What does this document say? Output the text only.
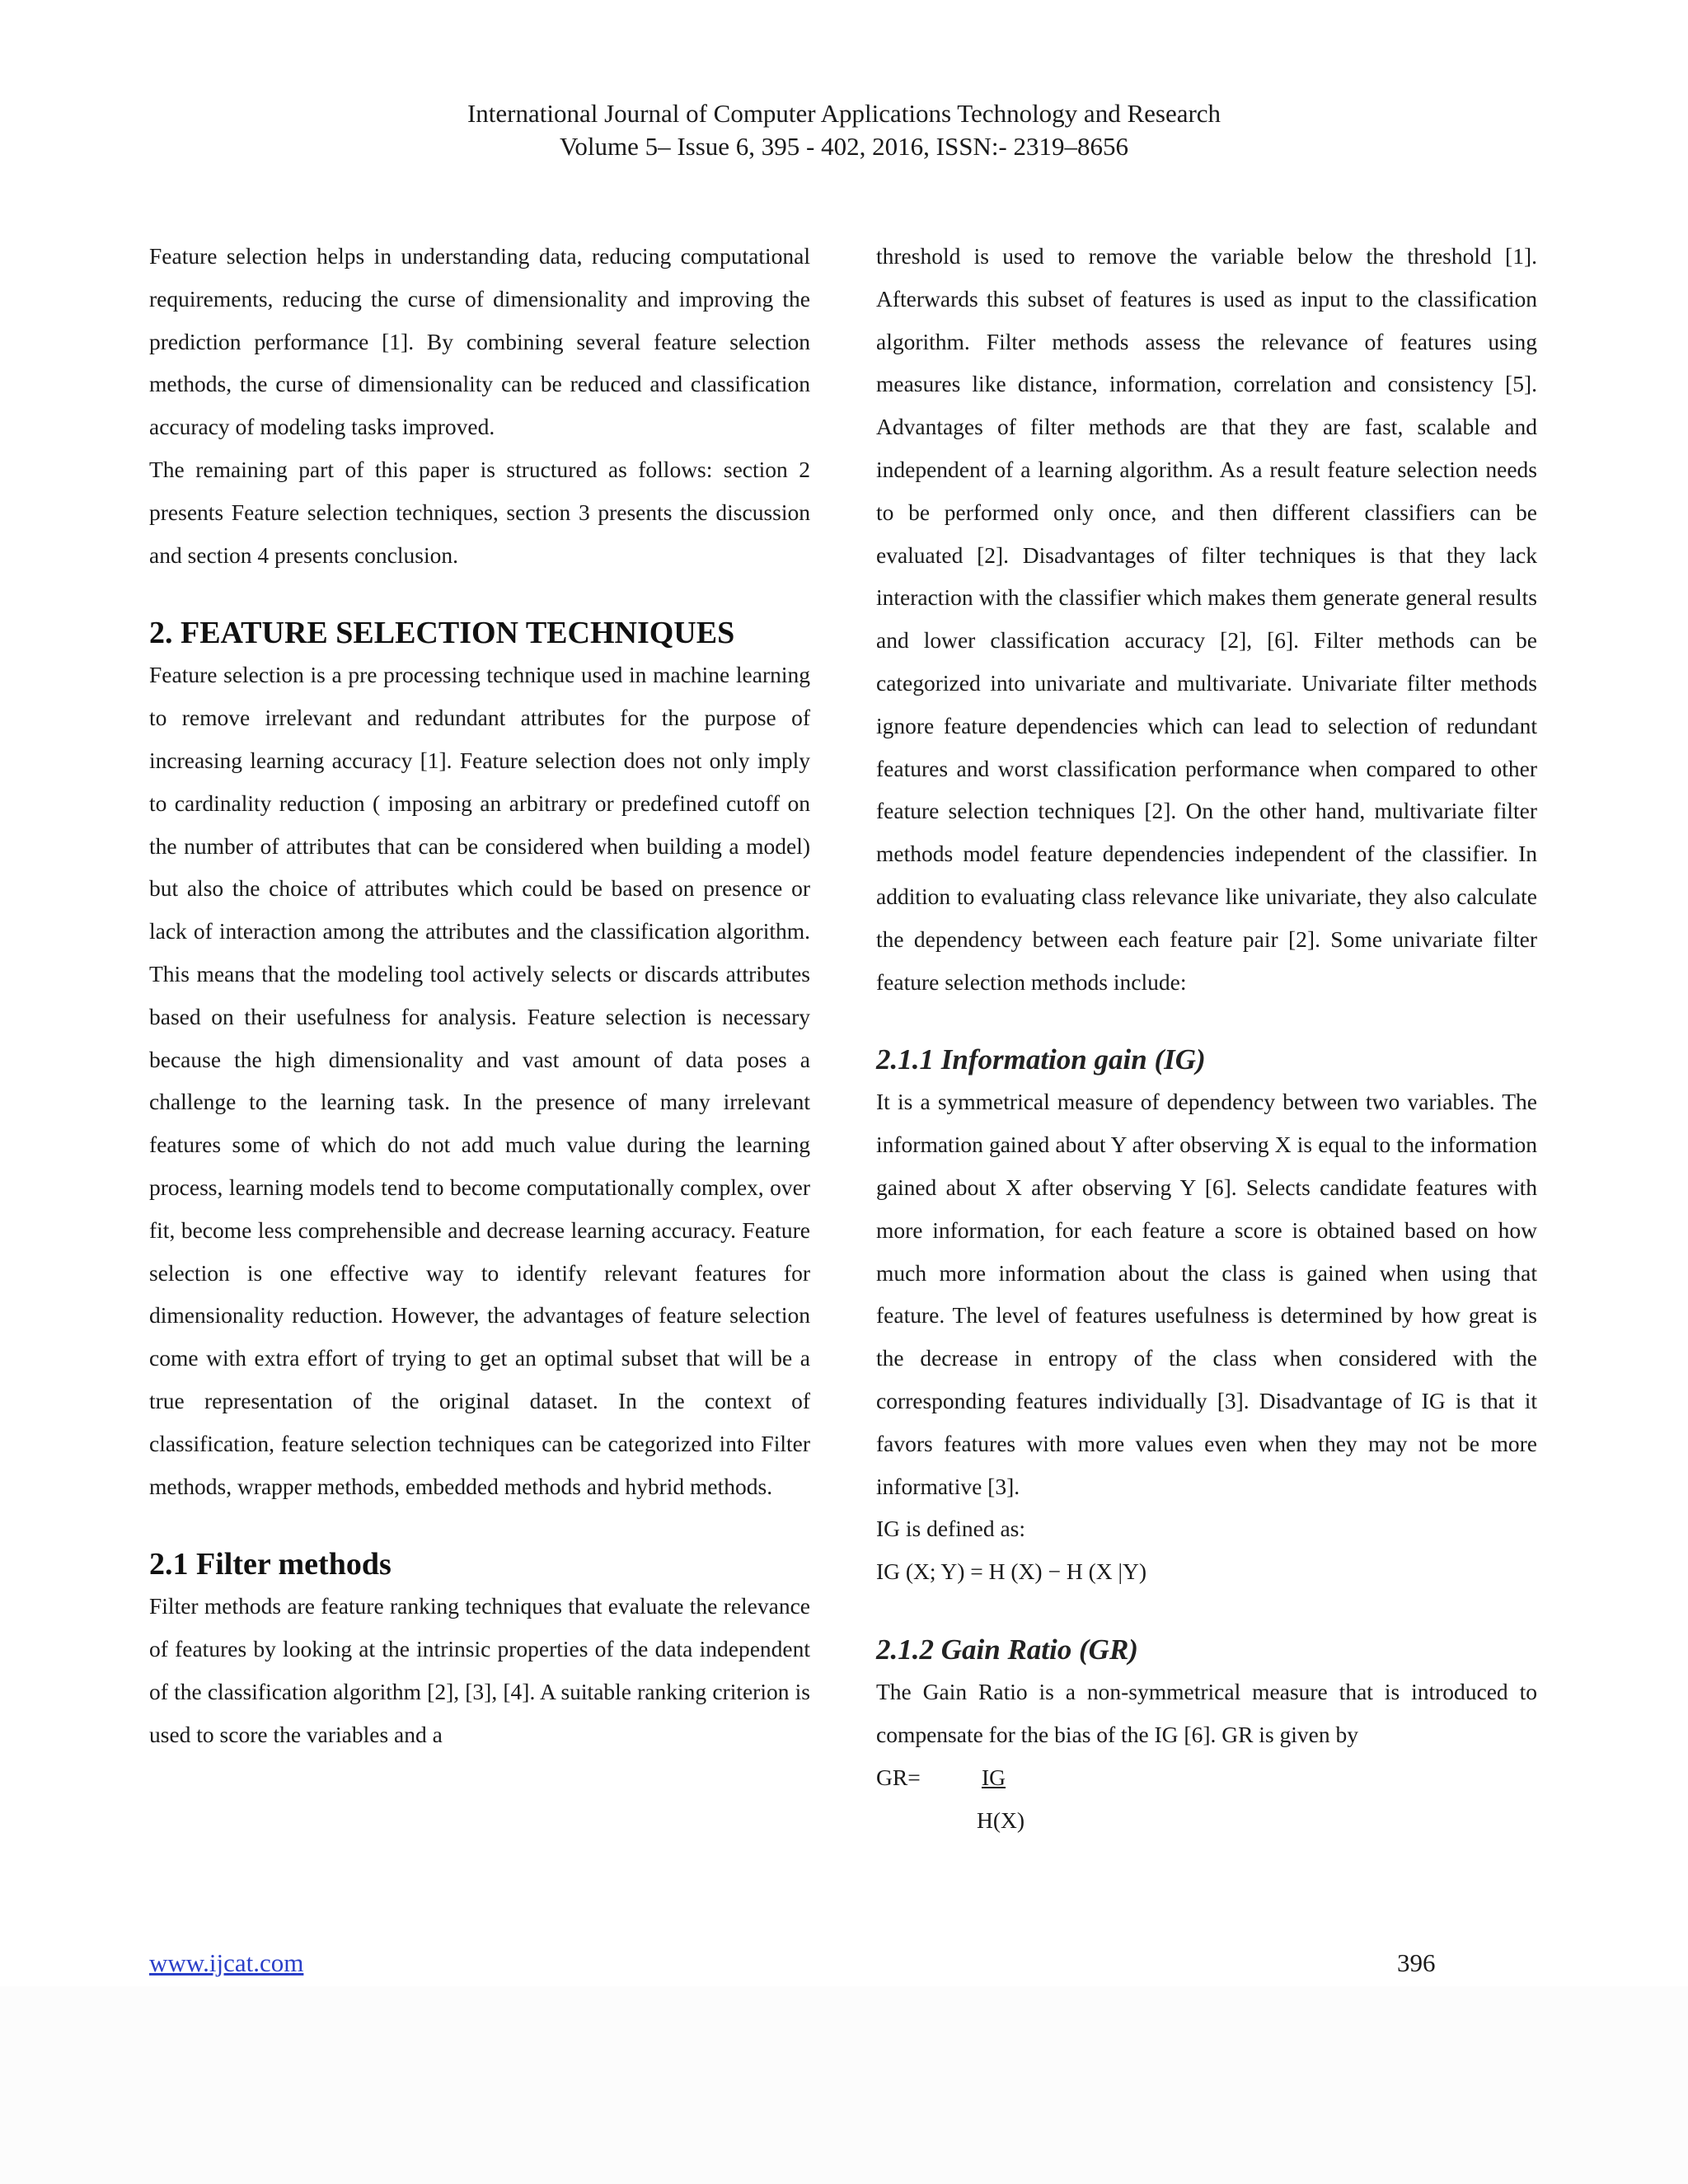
International Journal of Computer Applications Technology and Research
Volume 5– Issue 6, 395 - 402, 2016, ISSN:- 2319–8656

Feature selection helps in understanding data, reducing computational requirements, reducing the curse of dimensionality and improving the prediction performance [1]. By combining several feature selection methods, the curse of dimensionality can be reduced and classification accuracy of modeling tasks improved.

The remaining part of this paper is structured as follows: section 2 presents Feature selection techniques, section 3 presents the discussion and section 4 presents conclusion.

2. FEATURE SELECTION TECHNIQUES

Feature selection is a pre processing technique used in machine learning to remove irrelevant and redundant attributes for the purpose of increasing learning accuracy [1]. Feature selection does not only imply to cardinality reduction ( imposing an arbitrary or predefined cutoff on the number of attributes that can be considered when building a model) but also the choice of attributes which could be based on presence or lack of interaction among the attributes and the classification algorithm. This means that the modeling tool actively selects or discards attributes based on their usefulness for analysis. Feature selection is necessary because the high dimensionality and vast amount of data poses a challenge to the learning task. In the presence of many irrelevant features some of which do not add much value during the learning process, learning models tend to become computationally complex, over fit, become less comprehensible and decrease learning accuracy. Feature selection is one effective way to identify relevant features for dimensionality reduction. However, the advantages of feature selection come with extra effort of trying to get an optimal subset that will be a true representation of the original dataset. In the context of classification, feature selection techniques can be categorized into Filter methods, wrapper methods, embedded methods and hybrid methods.

2.1 Filter methods

Filter methods are feature ranking techniques that evaluate the relevance of features by looking at the intrinsic properties of the data independent of the classification algorithm [2], [3], [4]. A suitable ranking criterion is used to score the variables and a

threshold is used to remove the variable below the threshold [1]. Afterwards this subset of features is used as input to the classification algorithm. Filter methods assess the relevance of features using measures like distance, information, correlation and consistency [5]. Advantages of filter methods are that they are fast, scalable and independent of a learning algorithm. As a result feature selection needs to be performed only once, and then different classifiers can be evaluated [2]. Disadvantages of filter techniques is that they lack interaction with the classifier which makes them generate general results and lower classification accuracy [2], [6]. Filter methods can be categorized into univariate and multivariate. Univariate filter methods ignore feature dependencies which can lead to selection of redundant features and worst classification performance when compared to other feature selection techniques [2]. On the other hand, multivariate filter methods model feature dependencies independent of the classifier. In addition to evaluating class relevance like univariate, they also calculate the dependency between each feature pair [2]. Some univariate filter feature selection methods include:

2.1.1 Information gain (IG)

It is a symmetrical measure of dependency between two variables. The information gained about Y after observing X is equal to the information gained about X after observing Y [6]. Selects candidate features with more information, for each feature a score is obtained based on how much more information about the class is gained when using that feature. The level of features usefulness is determined by how great is the decrease in entropy of the class when considered with the corresponding features individually [3]. Disadvantage of IG is that it favors features with more values even when they may not be more informative [3].

IG is defined as:

IG (X; Y) = H (X) − H (X |Y)

2.1.2 Gain Ratio (GR)

The Gain Ratio is a non-symmetrical measure that is introduced to compensate for the bias of the IG [6]. GR is given by

GR=	IG
H(X)
www.ijcat.com	396
